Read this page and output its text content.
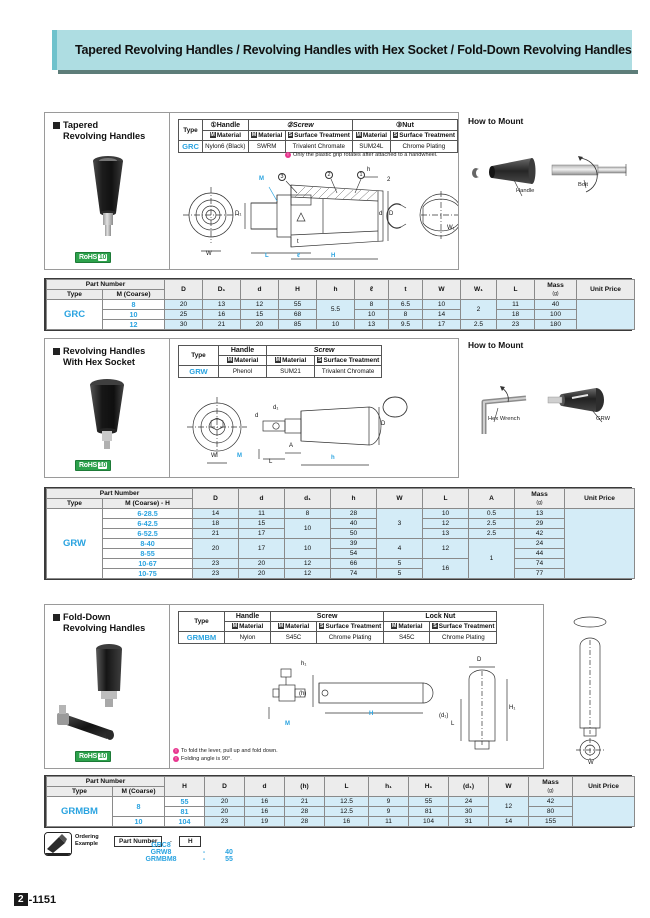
Tapered Revolving Handles / Revolving Handles with Hex Socket / Fold-Down Revolving Handles
Tapered
Revolving Handles
RoHS 10
Type	①Handle	②Screw		③Nut	
	M Material	M Material	S Surface Treatment	M Material	S Surface Treatment
GRC	Nylon6 (Black)	SWRM	Trivalent Chromate	SUM24L	Chrome Plating
! Only the plastic grip rotates after attached to a handwheel.
3	2	1
M
D₁	D
d
h
2
t
ℓ
L	H
W
W₁
How to Mount
Handle
Bolt
Part Number		D	D₁	d	H	h	ℓ	t	W	W₁	L	Mass
(g)	Unit Price
Type	M (Coarse)												
GRC	8	20	13	12	55	5.5	8	6.5	10	2	11	40	
	10	25	16	15	68		10	8	14		18	100	
	12	30	21	20	85	10	13	9.5	17	2.5	23	180	
Revolving Handles
With Hex Socket
RoHS 10
Type	Handle	Screw	
	M Material	M Material	S Surface Treatment
GRW	Phenol	SUM21	Trivalent Chromate
W	M
A
L
h
D
d
d₁
How to Mount
Hex Wrench	GRW
Part Number		D	d	d₁	h	W	L	A	Mass
(g)	Unit Price
Type	M (Coarse) - H									
GRW	6-28.5	14	11	8	28	3	10	0.5	13	
	6-42.5	18	15	10	40		12	2.5	29	
	6-52.5	21	17		50		13	2.5	42	
	8-40	20	17	10	39	4	12	1	24	
	8-55				54				44	
	10-67	23	20	12	66	5	16		74	
	10-75	23	20	12	74	5			77	
Fold-Down
Revolving Handles
RoHS 10
Type	Handle	Screw		Lock Nut	
	M Material	M Material	S Surface Treatment	M Material	S Surface Treatment
GRMBM	Nylon	S45C	Chrome Plating	S45C	Chrome Plating
h₁
(h)
M
H
H₁
(d₁)
L
D
! To fold the lever, pull up and fold down.
! Folding angle is 90°.
W
Part Number		H	D	d	(h)	L	h₁	H₁	(d₁)	W	Mass
(g)	Unit Price
Type	M (Coarse)											
GRMBM	8	55	20	16	21	12.5	9	55	24	12	42	
		81	20	16	28	12.5	9	81	30		80	
	10	104	23	19	28	16	11	104	31	14	155	
Ordering
Example	Part Number -	H
GRC8
GRW8	-	40
GRMBM8	-	55
2 -1151
